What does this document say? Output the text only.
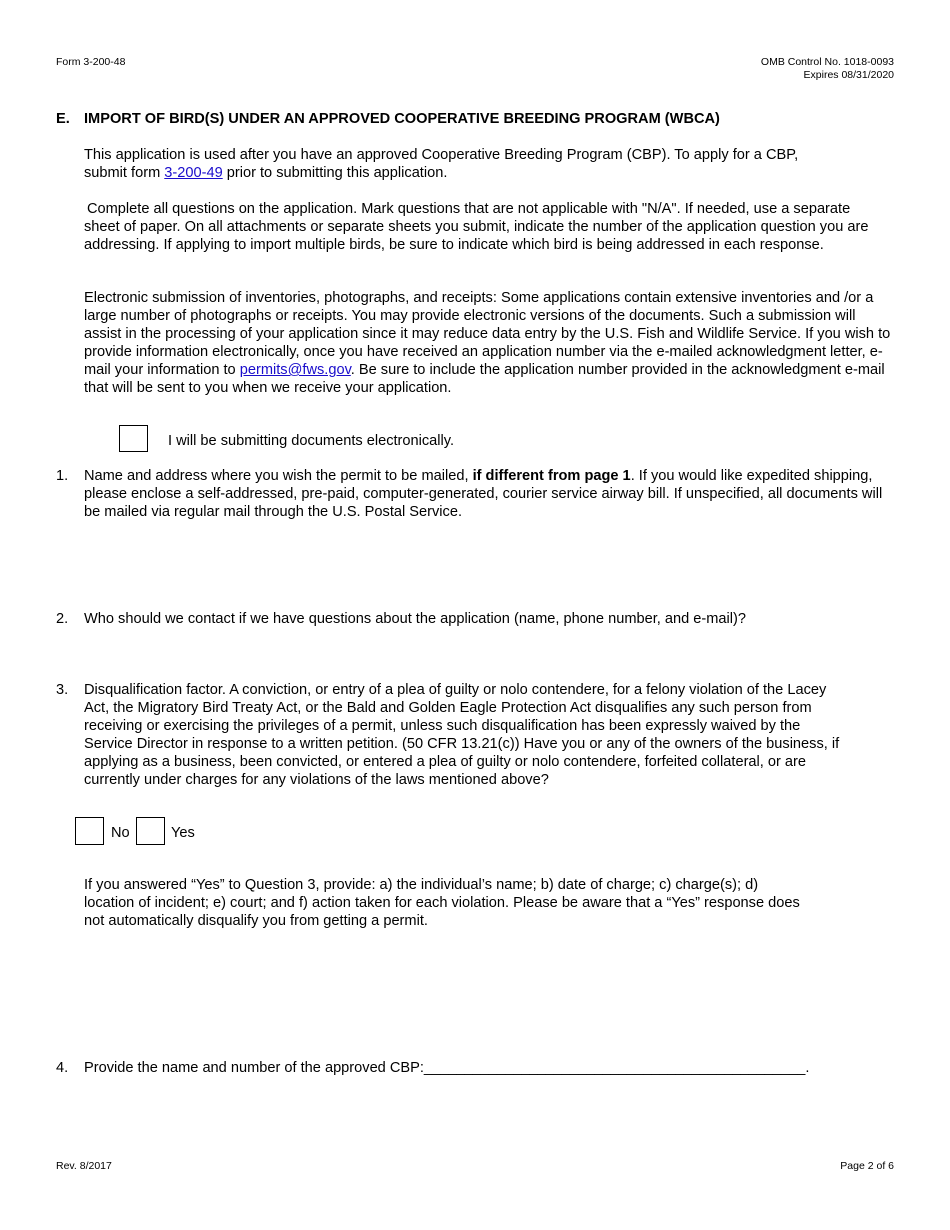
Form 3-200-48	OMB Control No. 1018-0093
Expires 08/31/2020
E. IMPORT OF BIRD(S) UNDER AN APPROVED COOPERATIVE BREEDING PROGRAM (WBCA)
This application is used after you have an approved Cooperative Breeding Program (CBP). To apply for a CBP, submit form 3-200-49 prior to submitting this application.
Complete all questions on the application. Mark questions that are not applicable with "N/A". If needed, use a separate sheet of paper. On all attachments or separate sheets you submit, indicate the number of the application question you are addressing. If applying to import multiple birds, be sure to indicate which bird is being addressed in each response.
Electronic submission of inventories, photographs, and receipts: Some applications contain extensive inventories and /or a large number of photographs or receipts. You may provide electronic versions of the documents. Such a submission will assist in the processing of your application since it may reduce data entry by the U.S. Fish and Wildlife Service. If you wish to provide information electronically, once you have received an application number via the e-mailed acknowledgment letter, e-mail your information to permits@fws.gov. Be sure to include the application number provided in the acknowledgment e-mail that will be sent to you when we receive your application.
I will be submitting documents electronically.
1. Name and address where you wish the permit to be mailed, if different from page 1. If you would like expedited shipping, please enclose a self-addressed, pre-paid, computer-generated, courier service airway bill. If unspecified, all documents will be mailed via regular mail through the U.S. Postal Service.
2. Who should we contact if we have questions about the application (name, phone number, and e-mail)?
3. Disqualification factor. A conviction, or entry of a plea of guilty or nolo contendere, for a felony violation of the Lacey Act, the Migratory Bird Treaty Act, or the Bald and Golden Eagle Protection Act disqualifies any such person from receiving or exercising the privileges of a permit, unless such disqualification has been expressly waived by the Service Director in response to a written petition. (50 CFR 13.21(c)) Have you or any of the owners of the business, if applying as a business, been convicted, or entered a plea of guilty or nolo contendere, forfeited collateral, or are currently under charges for any violations of the laws mentioned above?
No	Yes
If you answered “Yes” to Question 3, provide: a) the individual’s name; b) date of charge; c) charge(s); d) location of incident; e) court; and f) action taken for each violation. Please be aware that a “Yes” response does not automatically disqualify you from getting a permit.
4. Provide the name and number of the approved CBP:_______________________________________________.
Rev. 8/2017	Page 2 of 6
